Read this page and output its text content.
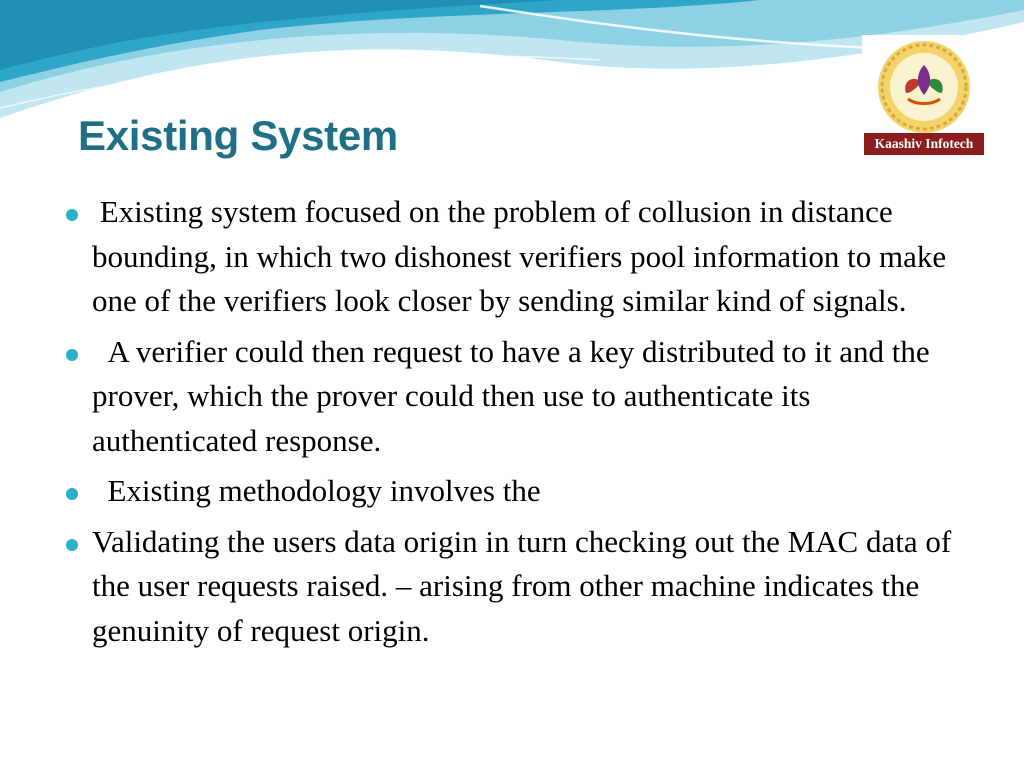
Existing System	Kaashiv Infotech
Existing system focused on the problem of collusion in distance bounding, in which two dishonest verifiers pool information to make one of the verifiers look closer by sending similar kind of signals.
A verifier could then request to have a key distributed to it and the prover, which the prover could then use to authenticate its authenticated response.
Existing methodology involves the
Validating the users data origin in turn checking out the MAC data of the user requests raised. – arising from other machine indicates the genuinity of request origin.
